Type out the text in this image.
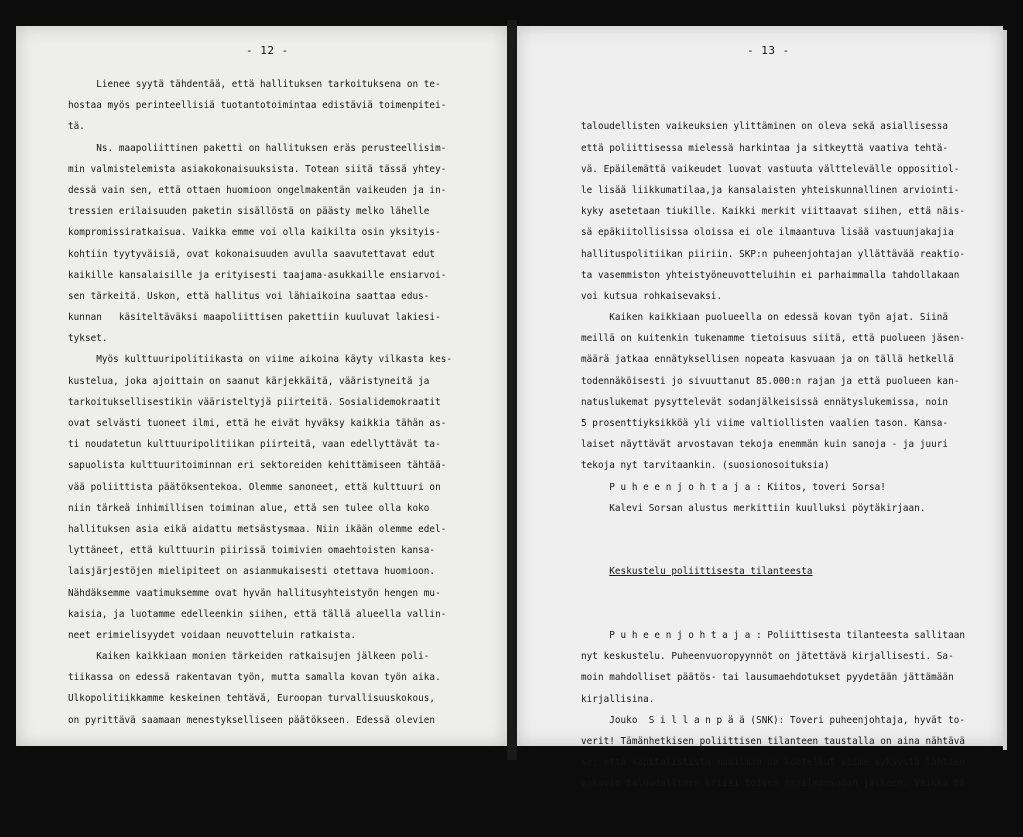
- 12 -
Lienee syytä tähdentää, että hallituksen tarkoituksena on te-
hostaa myös perinteellisiä tuotantotoimintaa edistäviä toimenpitei-
tä.
Ns. maapoliittinen paketti on hallituksen eräs perusteellisim-
min valmistelemista asiakokonaisuuksista. Totean siitä tässä yhtey-
dessä vain sen, että ottaen huomioon ongelmakentän vaikeuden ja in-
tressien erilaisuuden paketin sisällöstä on päästy melko lähelle
kompromissiratkaisua. Vaikka emme voi olla kaikilta osin yksityis-
kohtiin tyytyväisiä, ovat kokonaisuuden avulla saavutettavat edut
kaikille kansalaisille ja erityisesti taajama-asukkaille ensiarvoi-
sen tärkeitä. Uskon, että hallitus voi lähiaikoina saattaa edus-
kunnan   käsiteltäväksi maapoliittisen pakettiin kuuluvat lakiesi-
tykset.
Myös kulttuuripolitiikasta on viime aikoina käyty vilkasta kes-
kustelua, joka ajoittain on saanut kärjekkäitä, vääristyneitä ja
tarkoituksellisestikin vääristeltyjä piirteitä. Sosialidemokraatit
ovat selvästi tuoneet ilmi, että he eivät hyväksy kaikkia tähän as-
ti noudatetun kulttuuripolitiikan piirteitä, vaan edellyttävät ta-
sapuolista kulttuuritoiminnan eri sektoreiden kehittämiseen tähtää-
vää poliittista päätöksentekoa. Olemme sanoneet, että kulttuuri on
niin tärkeä inhimillisen toiminan alue, että sen tulee olla koko
hallituksen asia eikä aidattu metsästysmaa. Niin ikään olemme edel-
lyttäneet, että kulttuurin piirissä toimivien omaehtoisten kansa-
laisjärjestöjen mielipiteet on asianmukaisesti otettava huomioon.
Nähdäksemme vaatimuksemme ovat hyvän hallitusyhteistyön hengen mu-
kaisia, ja luotamme edelleenkin siihen, että tällä alueella vallin-
neet erimielisyydet voidaan neuvotteluin ratkaista.
Kaiken kaikkiaan monien tärkeiden ratkaisujen jälkeen poli-
tiikassa on edessä rakentavan työn, mutta samalla kovan työn aika.
Ulkopolitiikkamme keskeinen tehtävä, Euroopan turvallisuuskokous,
on pyrittävä saamaan menestykselliseen päätökseen. Edessä olevien
- 13 -

taloudellisten vaikeuksien ylittäminen on oleva sekä asiallisessa
että poliittisessa mielessä harkintaa ja sitkeyttä vaativa tehtä-
vä. Epäilemättä vaikeudet luovat vastuuta välttelevälle oppositiol-
le lisää liikkumatilaa,ja kansalaisten yhteiskunnallinen arviointi-
kyky asetetaan tiukille. Kaikki merkit viittaavat siihen, että näis-
sä epäkiitollisissa oloissa ei ole ilmaantuva lisää vastuunjakajia
hallituspolitiikan piiriin. SKP:n puheenjohtajan yllättävää reaktio-
ta vasemmiston yhteistyöneuvotteluihin ei parhaimmalla tahdollakaan
voi kutsua rohkaisevaksi.
Kaiken kaikkiaan puolueella on edessä kovan työn ajat. Siinä
meillä on kuitenkin tukenamme tietoisuus siitä, että puolueen jäsen-
määrä jatkaa ennätyksellisen nopeata kasvuaan ja on tällä hetkellä
todennäköisesti jo sivuuttanut 85.000:n rajan ja että puolueen kan-
natuslukemat pysyttelevät sodanjälkeisissä ennätyslukemissa, noin
5 prosenttiyksikköä yli viime valtiollisten vaalien tason. Kansa-
laiset näyttävät arvostavan tekoja enemmän kuin sanoja - ja juuri
tekoja nyt tarvitaankin. (suosionosoituksia)
P u h e e n j o h t a j a : Kiitos, toveri Sorsa!
Kalevi Sorsan alustus merkittiin kuulluksi pöytäkirjaan.

Keskustelu poliittisesta tilanteesta

P u h e e n j o h t a j a : Poliittisesta tilanteesta sallitaan
nyt keskustelu. Puheenvuoropyynnöt on jätettävä kirjallisesti. Sa-
moin mahdolliset päätös- tai lausumaehdotukset pyydetään jättämään
kirjallisina.
Jouko  S i l l a n p ä ä (SNK): Toveri puheenjohtaja, hyvät to-
verit! Tämänhetkisen poliittisen tilanteen taustalla on aina nähtävä
se, että kapitalistista maailmaa on koetellut viime syksystä lähtien
vakavin taloudellinen kriisi toisen maailmansodan jälkeen. Vaikka tä-
